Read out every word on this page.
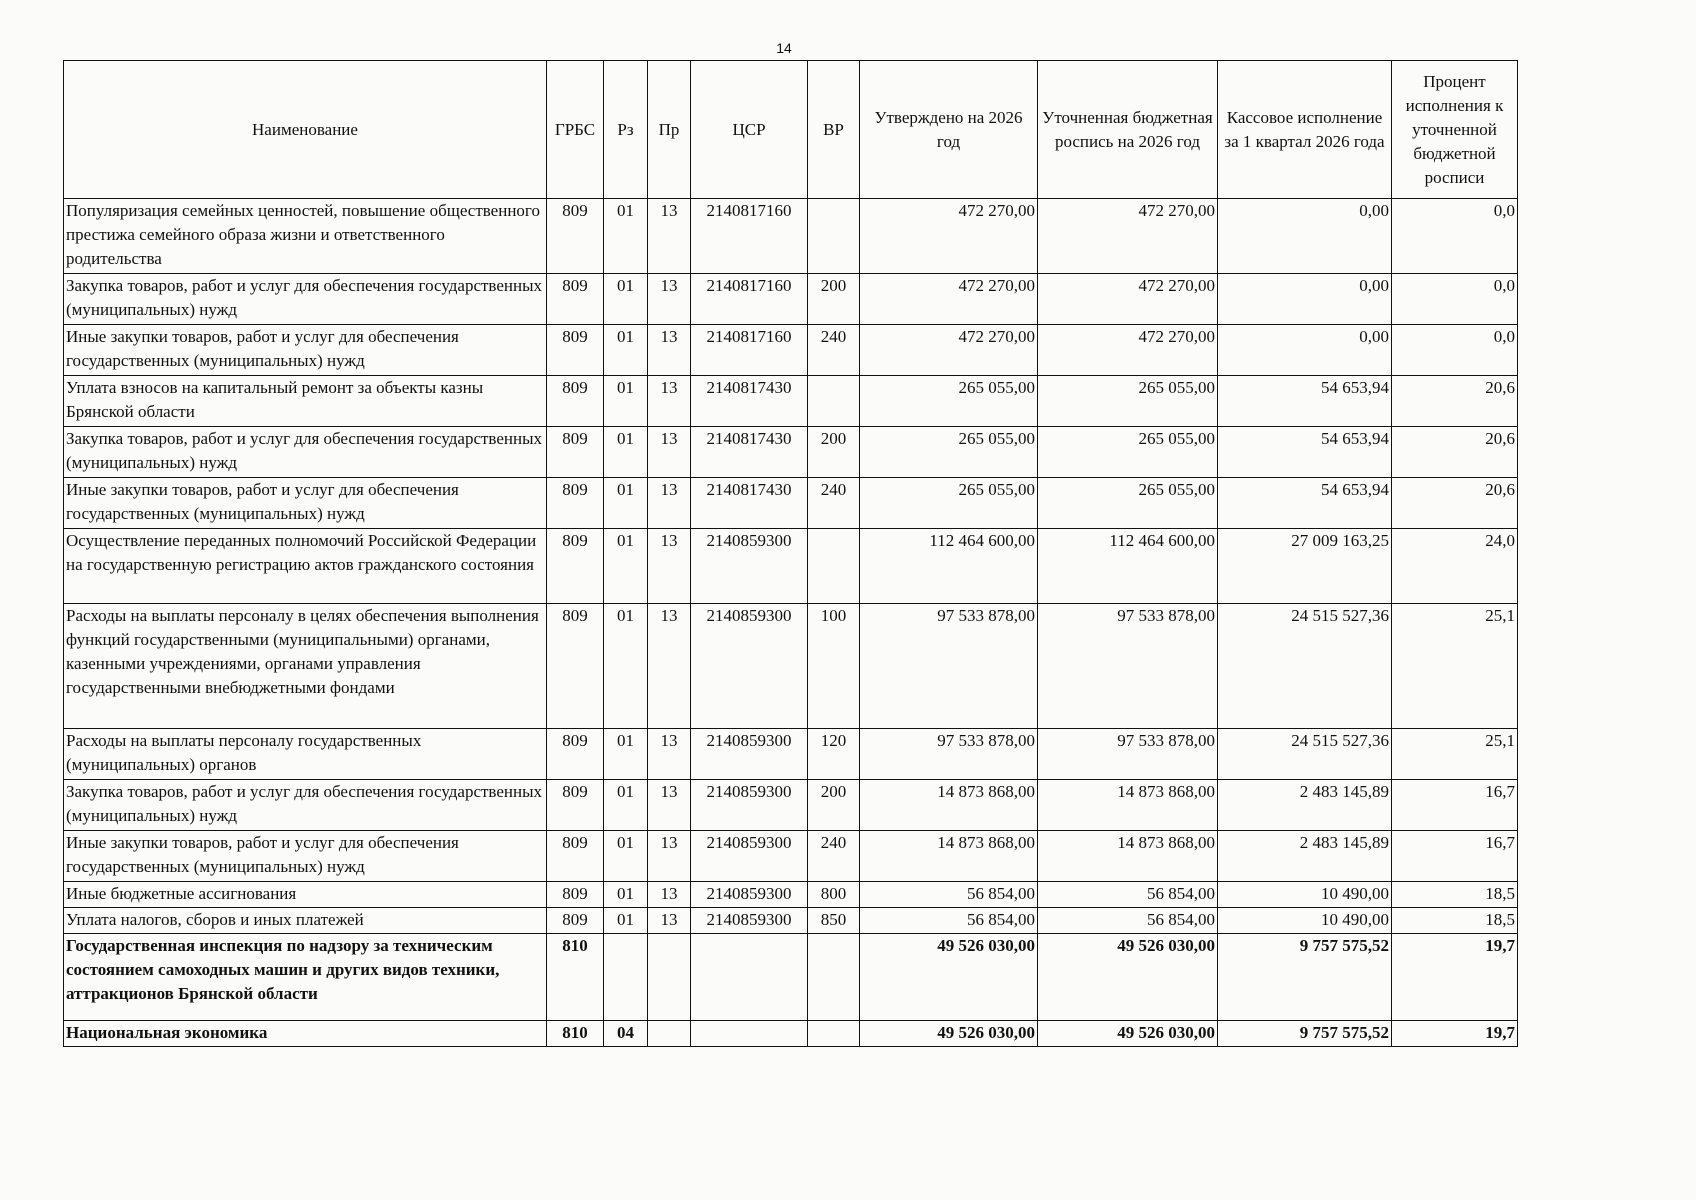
14
Наименование	ГРБС	Рз	Пр	ЦСР	ВР	Утверждено на 2026 год	Уточненная бюджетная роспись на 2026 год	Кассовое исполнение за 1 квартал 2026 года	Процент исполнения к уточненной бюджетной росписи
Популяризация семейных ценностей, повышение общественного престижа семейного образа жизни и ответственного родительства	809	01	13	2140817160		472 270,00	472 270,00	0,00	0,0
Закупка товаров, работ и услуг для обеспечения государственных (муниципальных) нужд	809	01	13	2140817160	200	472 270,00	472 270,00	0,00	0,0
Иные закупки товаров, работ и услуг для обеспечения государственных (муниципальных) нужд	809	01	13	2140817160	240	472 270,00	472 270,00	0,00	0,0
Уплата взносов на капитальный ремонт за объекты казны Брянской области	809	01	13	2140817430		265 055,00	265 055,00	54 653,94	20,6
Закупка товаров, работ и услуг для обеспечения государственных (муниципальных) нужд	809	01	13	2140817430	200	265 055,00	265 055,00	54 653,94	20,6
Иные закупки товаров, работ и услуг для обеспечения государственных (муниципальных) нужд	809	01	13	2140817430	240	265 055,00	265 055,00	54 653,94	20,6
Осуществление переданных полномочий Российской Федерации на государственную регистрацию актов гражданского состояния	809	01	13	2140859300		112 464 600,00	112 464 600,00	27 009 163,25	24,0
Расходы на выплаты персоналу в целях обеспечения выполнения функций государственными (муниципальными) органами, казенными учреждениями, органами управления государственными внебюджетными фондами	809	01	13	2140859300	100	97 533 878,00	97 533 878,00	24 515 527,36	25,1
Расходы на выплаты персоналу государственных (муниципальных) органов	809	01	13	2140859300	120	97 533 878,00	97 533 878,00	24 515 527,36	25,1
Закупка товаров, работ и услуг для обеспечения государственных (муниципальных) нужд	809	01	13	2140859300	200	14 873 868,00	14 873 868,00	2 483 145,89	16,7
Иные закупки товаров, работ и услуг для обеспечения государственных (муниципальных) нужд	809	01	13	2140859300	240	14 873 868,00	14 873 868,00	2 483 145,89	16,7
Иные бюджетные ассигнования	809	01	13	2140859300	800	56 854,00	56 854,00	10 490,00	18,5
Уплата налогов, сборов и иных платежей	809	01	13	2140859300	850	56 854,00	56 854,00	10 490,00	18,5
Государственная инспекция по надзору за техническим состоянием самоходных машин и других видов техники, аттракционов Брянской области	810					49 526 030,00	49 526 030,00	9 757 575,52	19,7
Национальная экономика	810	04				49 526 030,00	49 526 030,00	9 757 575,52	19,7
